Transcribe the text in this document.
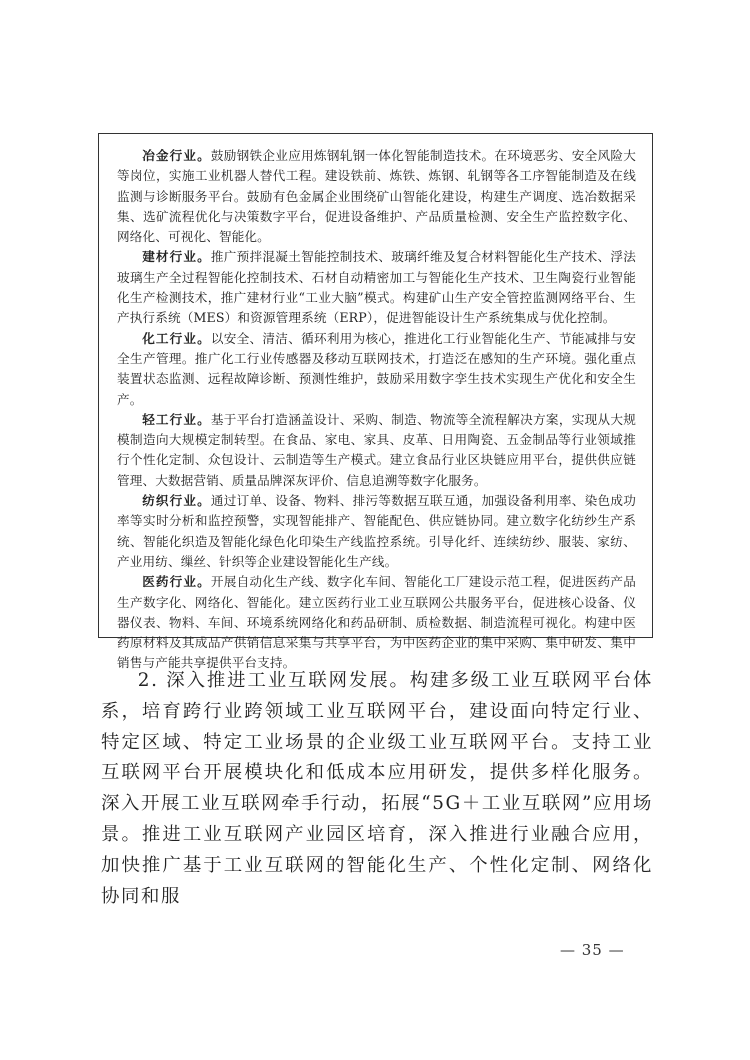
冶金行业。鼓励钢铁企业应用炼钢轧钢一体化智能制造技术。在环境恶劣、安全风险大等岗位，实施工业机器人替代工程。建设铁前、炼铁、炼钢、轧钢等各工序智能制造及在线监测与诊断服务平台。鼓励有色金属企业围绕矿山智能化建设，构建生产调度、选冶数据采集、选矿流程优化与决策数字平台，促进设备维护、产品质量检测、安全生产监控数字化、网络化、可视化、智能化。

建材行业。推广预拌混凝土智能控制技术、玻璃纤维及复合材料智能化生产技术、浮法玻璃生产全过程智能化控制技术、石材自动精密加工与智能化生产技术、卫生陶瓷行业智能化生产检测技术，推广建材行业“工业大脑”模式。构建矿山生产安全管控监测网络平台、生产执行系统（MES）和资源管理系统（ERP），促进智能设计生产系统集成与优化控制。

化工行业。以安全、清洁、循环利用为核心，推进化工行业智能化生产、节能减排与安全生产管理。推广化工行业传感器及移动互联网技术，打造泛在感知的生产环境。强化重点装置状态监测、远程故障诊断、预测性维护，鼓励采用数字孪生技术实现生产优化和安全生产。

轻工行业。基于平台打造涵盖设计、采购、制造、物流等全流程解决方案，实现从大规模制造向大规模定制转型。在食品、家电、家具、皮革、日用陶瓷、五金制品等行业领域推行个性化定制、众包设计、云制造等生产模式。建立食品行业区块链应用平台，提供供应链管理、大数据营销、质量品牌深灰评价、信息追溯等数字化服务。

纺织行业。通过订单、设备、物料、排污等数据互联互通，加强设备利用率、染色成功率等实时分析和监控预警，实现智能排产、智能配色、供应链协同。建立数字化纺纱生产系统、智能化织造及智能化绿色化印染生产线监控系统。引导化纤、连续纺纱、服装、家纺、产业用纺、缫丝、针织等企业建设智能化生产线。

医药行业。开展自动化生产线、数字化车间、智能化工厂建设示范工程，促进医药产品生产数字化、网络化、智能化。建立医药行业工业互联网公共服务平台，促进核心设备、仪器仪表、物料、车间、环境系统网络化和药品研制、质检数据、制造流程可视化。构建中医药原材料及其成品产供销信息采集与共享平台，为中医药企业的集中采购、集中研发、集中销售与产能共享提供平台支持。

2. 深入推进工业互联网发展。构建多级工业互联网平台体系，培育跨行业跨领域工业互联网平台，建设面向特定行业、特定区域、特定工业场景的企业级工业互联网平台。支持工业互联网平台开展模块化和低成本应用研发，提供多样化服务。深入开展工业互联网牵手行动，拓展“5G＋工业互联网”应用场景。推进工业互联网产业园区培育，深入推进行业融合应用，加快推广基于工业互联网的智能化生产、个性化定制、网络化协同和服

— 35 —
